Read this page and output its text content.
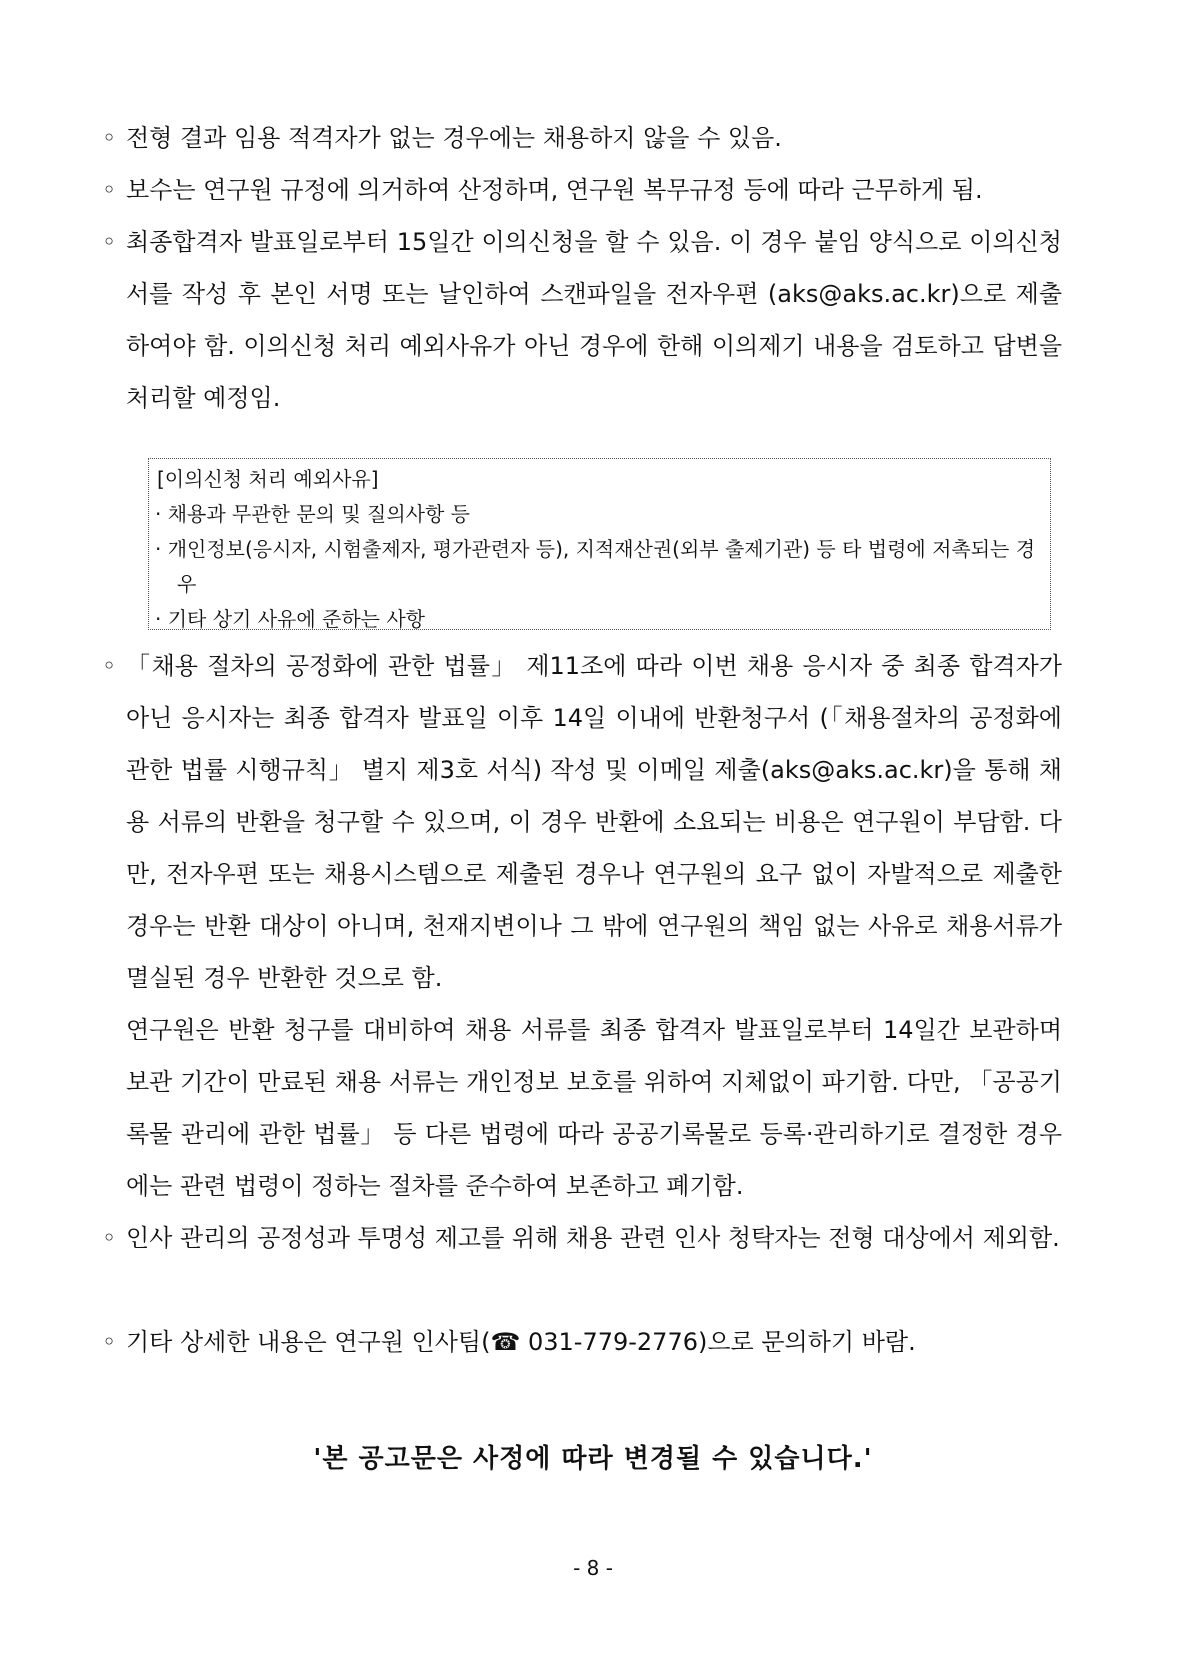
◦ 전형 결과 임용 적격자가 없는 경우에는 채용하지 않을 수 있음.
◦ 보수는 연구원 규정에 의거하여 산정하며, 연구원 복무규정 등에 따라 근무하게 됨.
◦ 최종합격자 발표일로부터 15일간 이의신청을 할 수 있음. 이 경우 붙임 양식으로 이의신청서를 작성 후 본인 서명 또는 날인하여 스캔파일을 전자우편 (aks@aks.ac.kr)으로 제출하여야 함. 이의신청 처리 예외사유가 아닌 경우에 한해 이의제기 내용을 검토하고 답변을 처리할 예정임.
[이의신청 처리 예외사유]
· 채용과 무관한 문의 및 질의사항 등
· 개인정보(응시자, 시험출제자, 평가관련자 등), 지적재산권(외부 출제기관) 등 타 법령에 저촉되는 경우
· 기타 상기 사유에 준하는 사항
◦ 「채용 절차의 공정화에 관한 법률」 제11조에 따라 이번 채용 응시자 중 최종 합격자가 아닌 응시자는 최종 합격자 발표일 이후 14일 이내에 반환청구서 (「채용절차의 공정화에 관한 법률 시행규칙」 별지 제3호 서식) 작성 및 이메일 제출(aks@aks.ac.kr)을 통해 채용 서류의 반환을 청구할 수 있으며, 이 경우 반환에 소요되는 비용은 연구원이 부담함. 다만, 전자우편 또는 채용시스템으로 제출된 경우나 연구원의 요구 없이 자발적으로 제출한 경우는 반환 대상이 아니며, 천재지변이나 그 밖에 연구원의 책임 없는 사유로 채용서류가 멸실된 경우 반환한 것으로 함.
연구원은 반환 청구를 대비하여 채용 서류를 최종 합격자 발표일로부터 14일간 보관하며 보관 기간이 만료된 채용 서류는 개인정보 보호를 위하여 지체없이 파기함. 다만, 「공공기록물 관리에 관한 법률」 등 다른 법령에 따라 공공기록물로 등록·관리하기로 결정한 경우에는 관련 법령이 정하는 절차를 준수하여 보존하고 폐기함.
◦ 인사 관리의 공정성과 투명성 제고를 위해 채용 관련 인사 청탁자는 전형 대상에서 제외함.
◦ 기타 상세한 내용은 연구원 인사팀(☎ 031-779-2776)으로 문의하기 바람.
'본 공고문은 사정에 따라 변경될 수 있습니다.'
- 8 -
